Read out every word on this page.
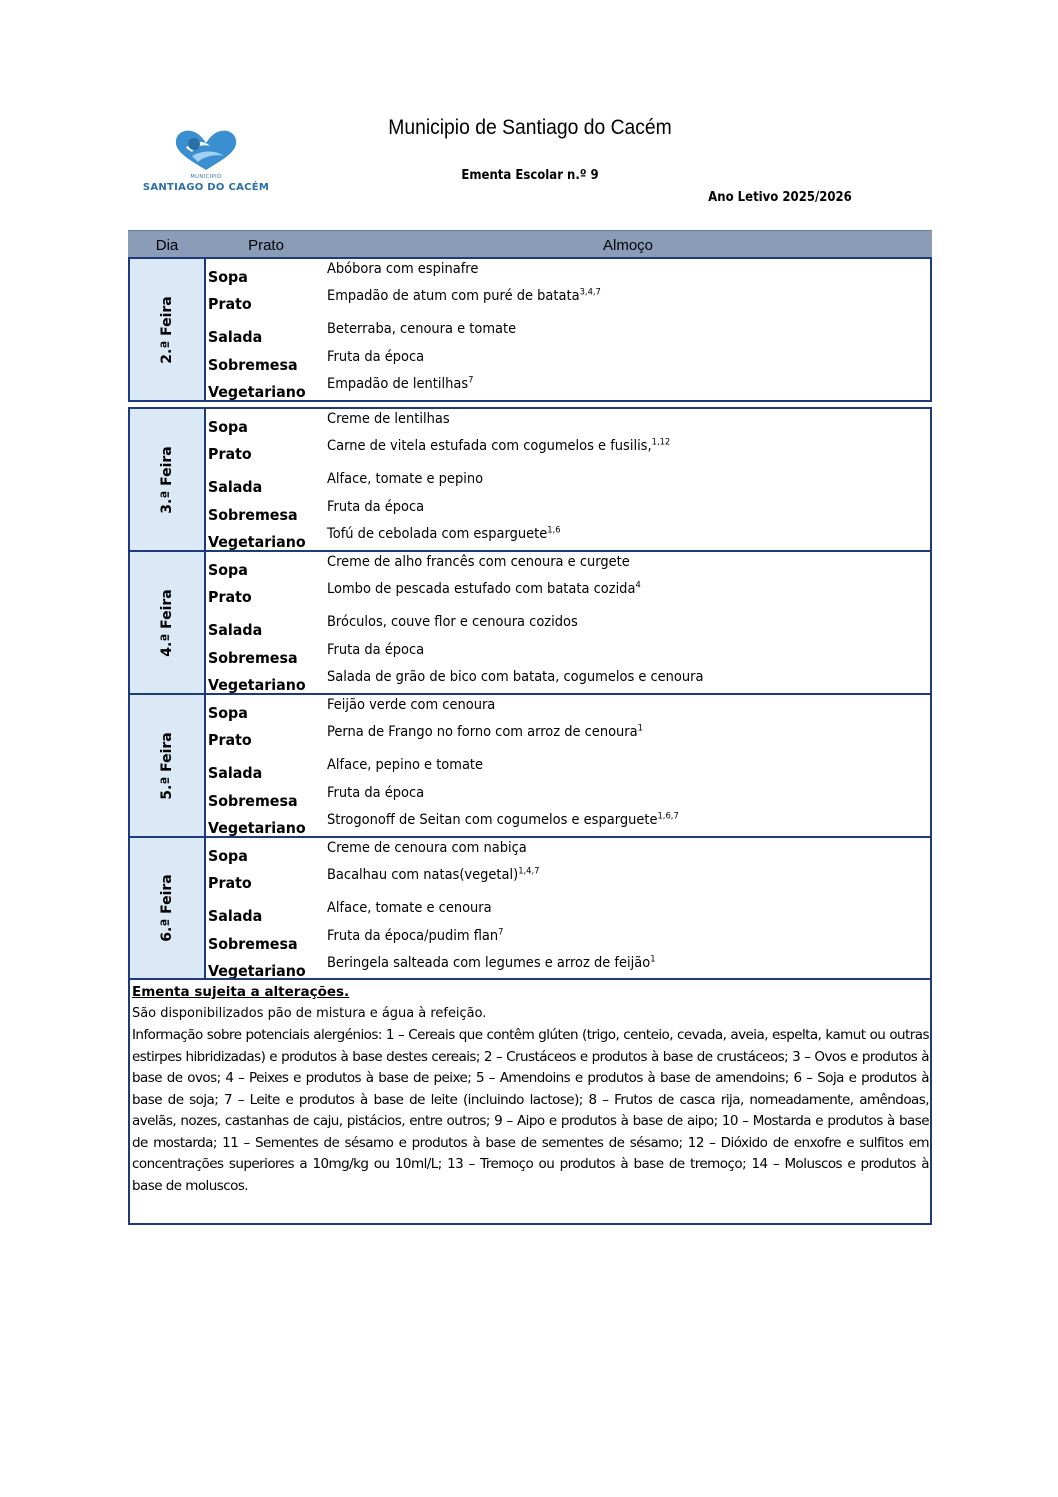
MUNICIPIO
SANTIAGO DO CACÉM
Municipio de Santiago do Cacém
Ementa Escolar n.º 9
Ano Letivo 2025/2026
Dia	Prato	Almoço
2.ª Feira
Sopa	Abóbora com espinafre
Prato	Empadão de atum com puré de batata$^{3,4,7}$
Salada	Beterraba, cenoura e tomate
Sobremesa Fruta da época
Vegetariano Empadão de lentilhas$^7$
3.ª Feira
Sopa	Creme de lentilhas
Prato	Carne de vitela estufada com cogumelos e fusilis,$^{1,12}$
Salada	Alface, tomate e pepino
Sobremesa Fruta da época
Vegetariano Tofú de cebolada com esparguete$^{1,6}$
4.ª Feira
Sopa	Creme de alho francês com cenoura e curgete
Prato	Lombo de pescada estufado com batata cozida$^4$
Salada	Bróculos, couve flor e cenoura cozidos
Sobremesa Fruta da época
Vegetariano Salada de grão de bico com batata, cogumelos e cenoura
5.ª Feira
Sopa	Feijão verde com cenoura
Prato	Perna de Frango no forno com arroz de cenoura$^1$
Salada	Alface, pepino e tomate
Sobremesa Fruta da época
Vegetariano Strogonoff de Seitan com cogumelos e esparguete$^{1,6,7}$
6.ª Feira
Sopa	Creme de cenoura com nabiça
Prato	Bacalhau com natas(vegetal)$^{1,4,7}$
Salada	Alface, tomate e cenoura
Sobremesa Fruta da época/pudim flan$^7$
Vegetariano Beringela salteada com legumes e arroz de feijão$^1$
Ementa sujeita a alterações.
São disponibilizados pão de mistura e água à refeição.
Informação sobre potenciais alergénios: 1 – Cereais que contêm glúten (trigo, centeio, cevada, aveia, espelta, kamut ou outras estirpes hibridizadas) e produtos à base destes cereais; 2 – Crustáceos e produtos à base de crustáceos; 3 – Ovos e produtos à base de ovos; 4 – Peixes e produtos à base de peixe; 5 – Amendoins e produtos à base de amendoins; 6 – Soja e produtos à base de soja; 7 – Leite e produtos à base de leite (incluindo lactose); 8 – Frutos de casca rija, nomeadamente, amêndoas, avelãs, nozes, castanhas de caju, pistácios, entre outros; 9 – Aipo e produtos à base de aipo; 10 – Mostarda e produtos à base de mostarda; 11 – Sementes de sésamo e produtos à base de sementes de sésamo; 12 – Dióxido de enxofre e sulfitos em concentrações superiores a 10mg/kg ou 10ml/L; 13 – Tremoço ou produtos à base de tremoço; 14 – Moluscos e produtos à base de moluscos.
